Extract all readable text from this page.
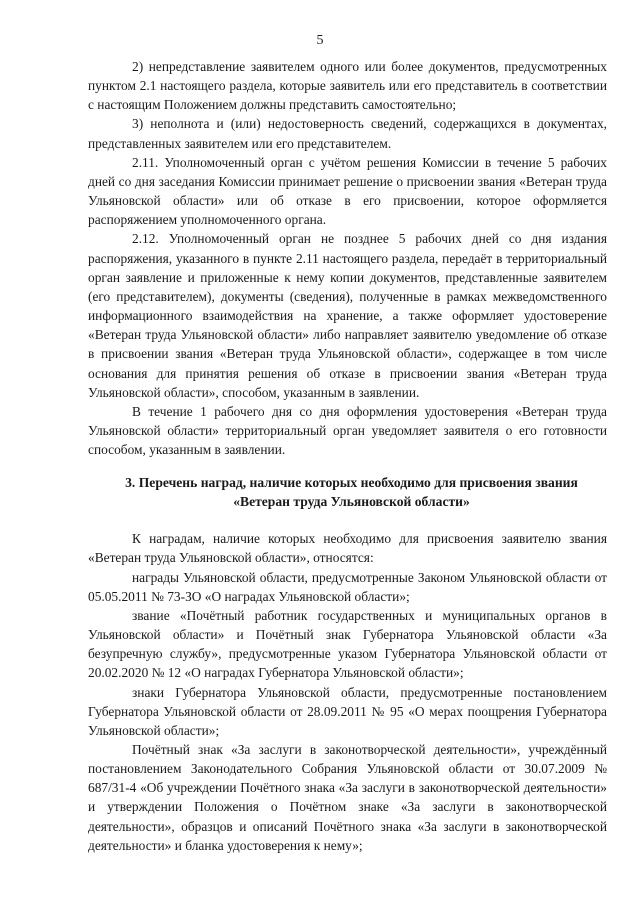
5

2) непредставление заявителем одного или более документов, предусмотренных пунктом 2.1 настоящего раздела, которые заявитель или его представитель в соответствии с настоящим Положением должны представить самостоятельно;

3) неполнота и (или) недостоверность сведений, содержащихся в документах, представленных заявителем или его представителем.

2.11. Уполномоченный орган с учётом решения Комиссии в течение 5 рабочих дней со дня заседания Комиссии принимает решение о присвоении звания «Ветеран труда Ульяновской области» или об отказе в его присвоении, которое оформляется распоряжением уполномоченного органа.

2.12. Уполномоченный орган не позднее 5 рабочих дней со дня издания распоряжения, указанного в пункте 2.11 настоящего раздела, передаёт в территориальный орган заявление и приложенные к нему копии документов, представленные заявителем (его представителем), документы (сведения), полученные в рамках межведомственного информационного взаимодействия на хранение, а также оформляет удостоверение «Ветеран труда Ульяновской области» либо направляет заявителю уведомление об отказе в присвоении звания «Ветеран труда Ульяновской области», содержащее в том числе основания для принятия решения об отказе в присвоении звания «Ветеран труда Ульяновской области», способом, указанным в заявлении.

В течение 1 рабочего дня со дня оформления удостоверения «Ветеран труда Ульяновской области» территориальный орган уведомляет заявителя о его готовности способом, указанным в заявлении.

3. Перечень наград, наличие которых необходимо для присвоения звания
«Ветеран труда Ульяновской области»

К наградам, наличие которых необходимо для присвоения заявителю звания «Ветеран труда Ульяновской области», относятся:

награды Ульяновской области, предусмотренные Законом Ульяновской области от 05.05.2011 № 73-ЗО «О наградах Ульяновской области»;

звание «Почётный работник государственных и муниципальных органов в Ульяновской области» и Почётный знак Губернатора Ульяновской области «За безупречную службу», предусмотренные указом Губернатора Ульяновской области от 20.02.2020 № 12 «О наградах Губернатора Ульяновской области»;

знаки Губернатора Ульяновской области, предусмотренные постановлением Губернатора Ульяновской области от 28.09.2011 № 95 «О мерах поощрения Губернатора Ульяновской области»;

Почётный знак «За заслуги в законотворческой деятельности», учреждённый постановлением Законодательного Собрания Ульяновской области от 30.07.2009 № 687/31-4 «Об учреждении Почётного знака «За заслуги в законотворческой деятельности» и утверждении Положения о Почётном знаке «За заслуги в законотворческой деятельности», образцов и описаний Почётного знака «За заслуги в законотворческой деятельности» и бланка удостоверения к нему»;
